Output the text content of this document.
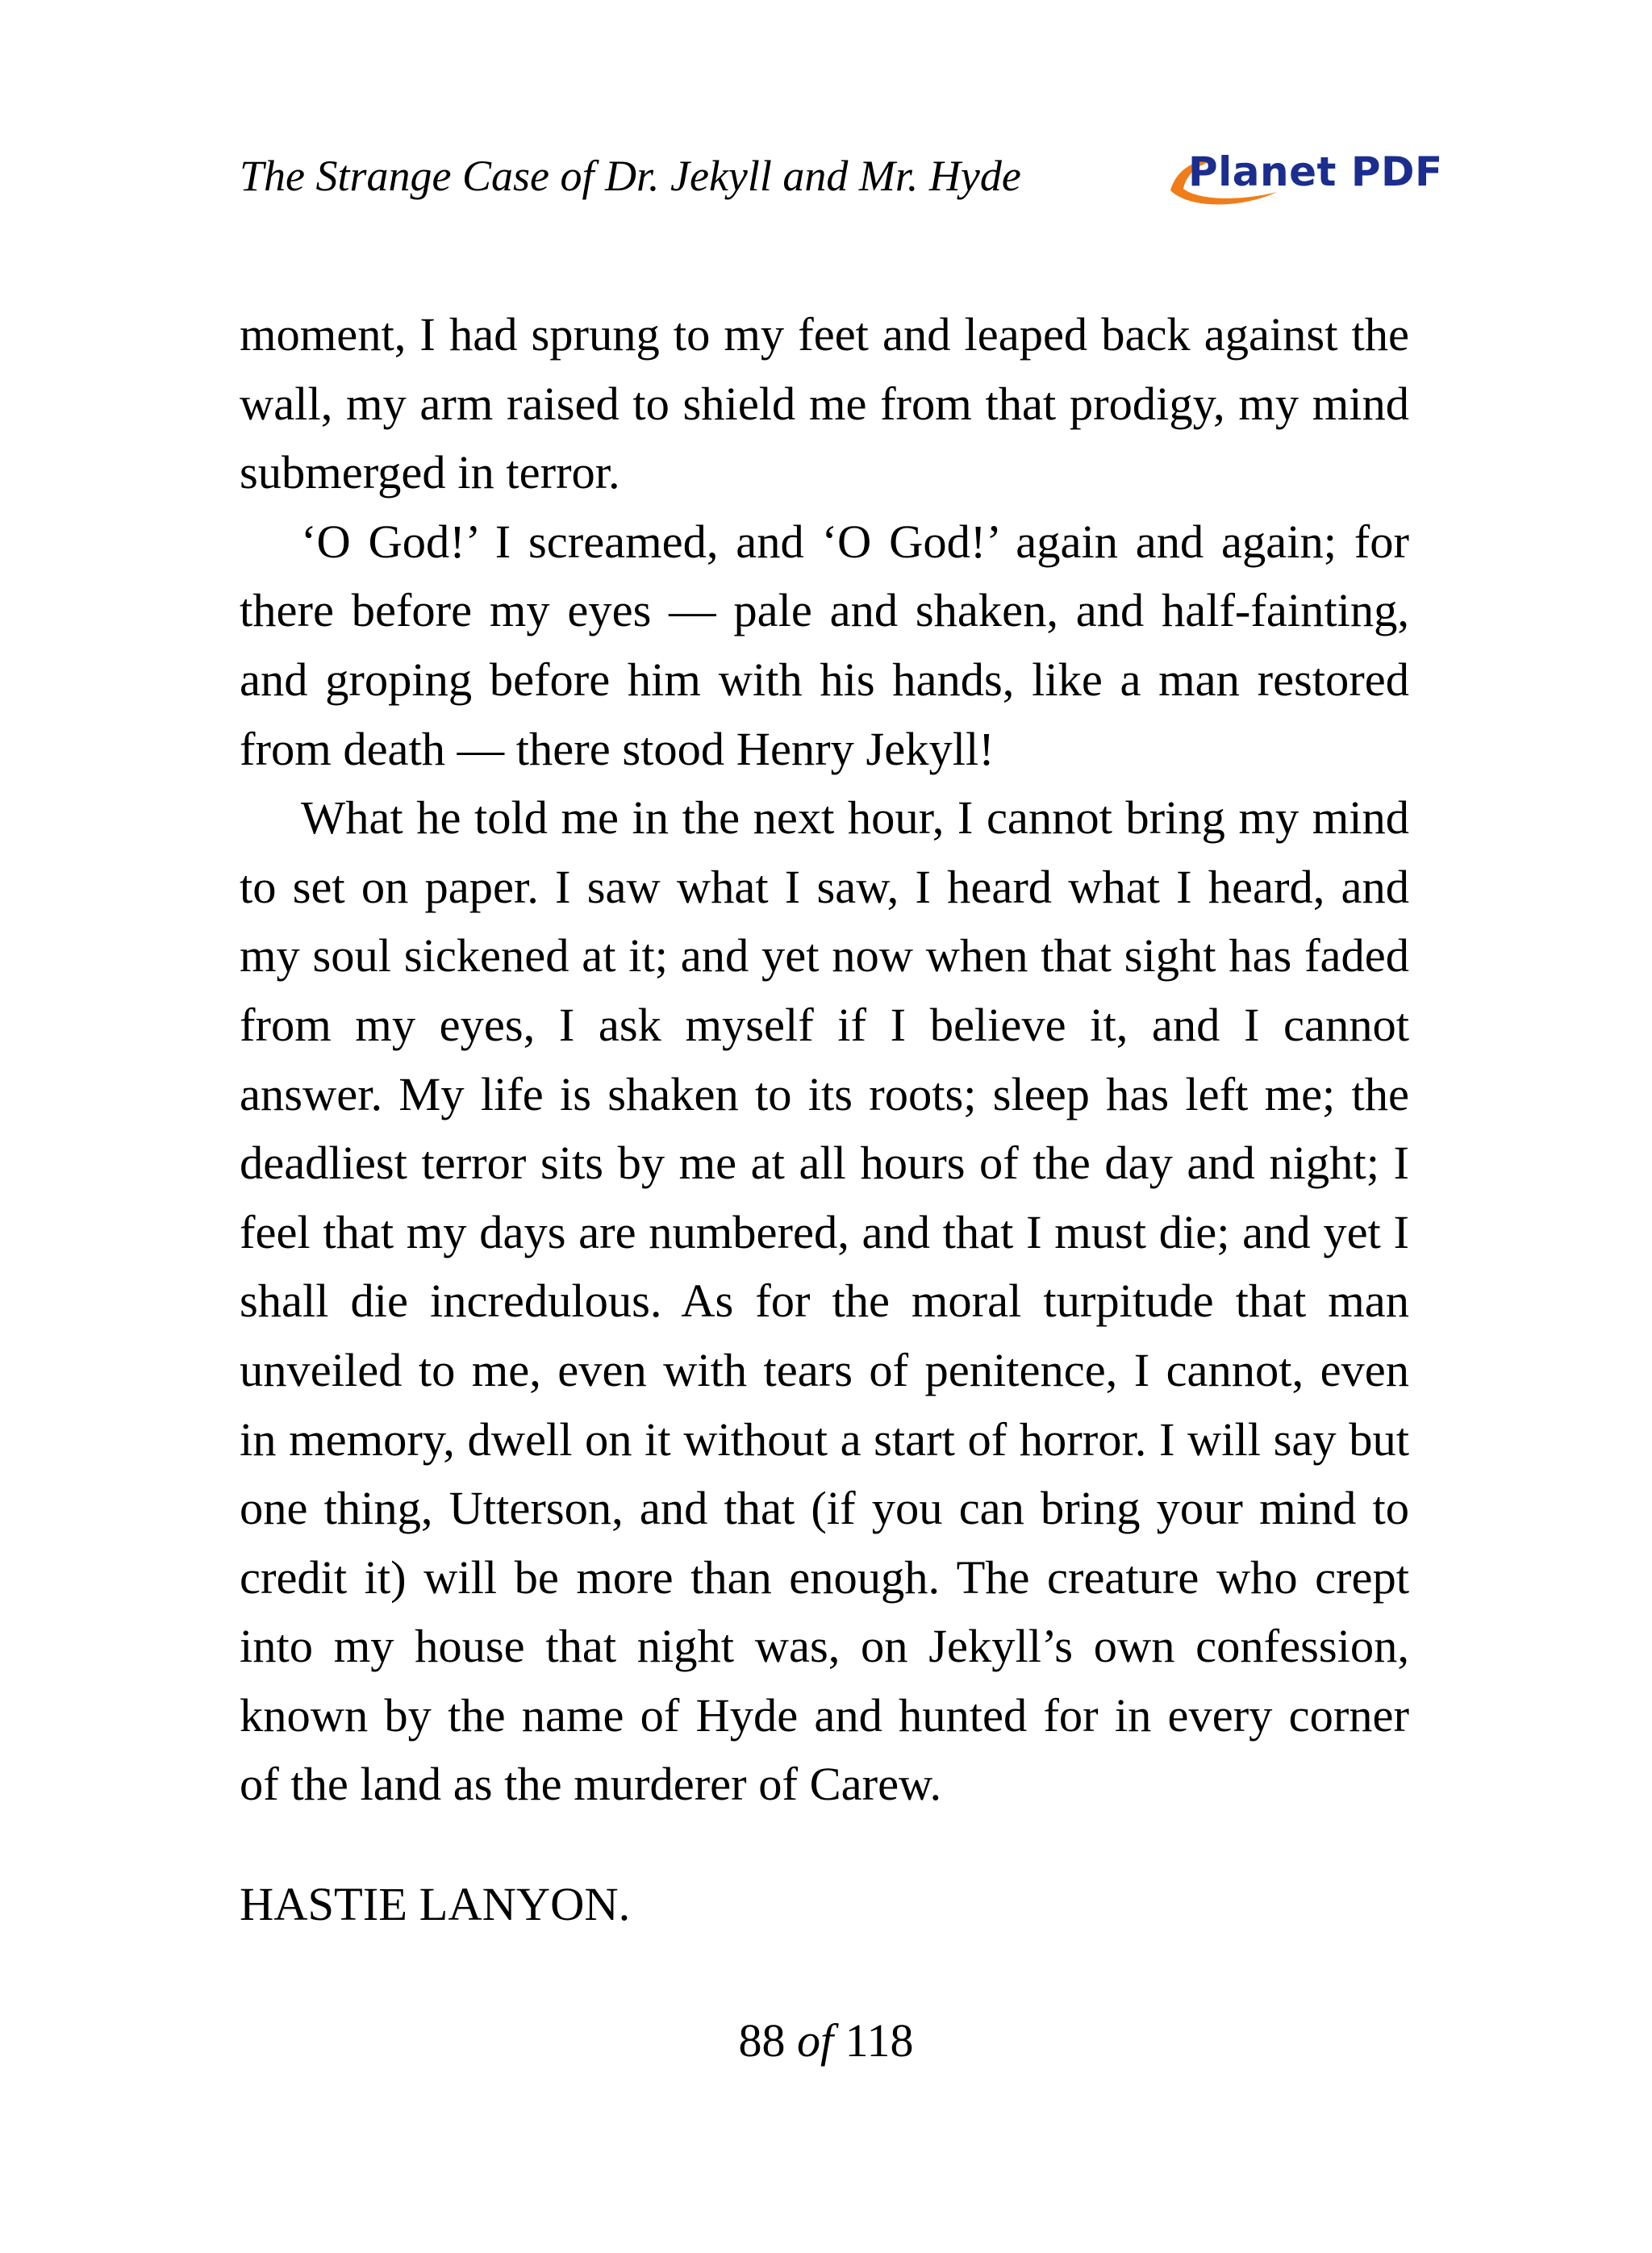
The Strange Case of Dr. Jekyll and Mr. Hyde	Planet PDF

moment, I had sprung to my feet and leaped back against the wall, my arm raised to shield me from that prodigy, my mind submerged in terror.

‘O God!’ I screamed, and ‘O God!’ again and again; for there before my eyes — pale and shaken, and half-fainting, and groping before him with his hands, like a man restored from death — there stood Henry Jekyll!

What he told me in the next hour, I cannot bring my mind to set on paper. I saw what I saw, I heard what I heard, and my soul sickened at it; and yet now when that sight has faded from my eyes, I ask myself if I believe it, and I cannot answer. My life is shaken to its roots; sleep has left me; the deadliest terror sits by me at all hours of the day and night; I feel that my days are numbered, and that I must die; and yet I shall die incredulous. As for the moral turpitude that man unveiled to me, even with tears of penitence, I cannot, even in memory, dwell on it without a start of horror. I will say but one thing, Utterson, and that (if you can bring your mind to credit it) will be more than enough. The creature who crept into my house that night was, on Jekyll’s own confession, known by the name of Hyde and hunted for in every corner of the land as the murderer of Carew.

HASTIE LANYON.

88 of 118
